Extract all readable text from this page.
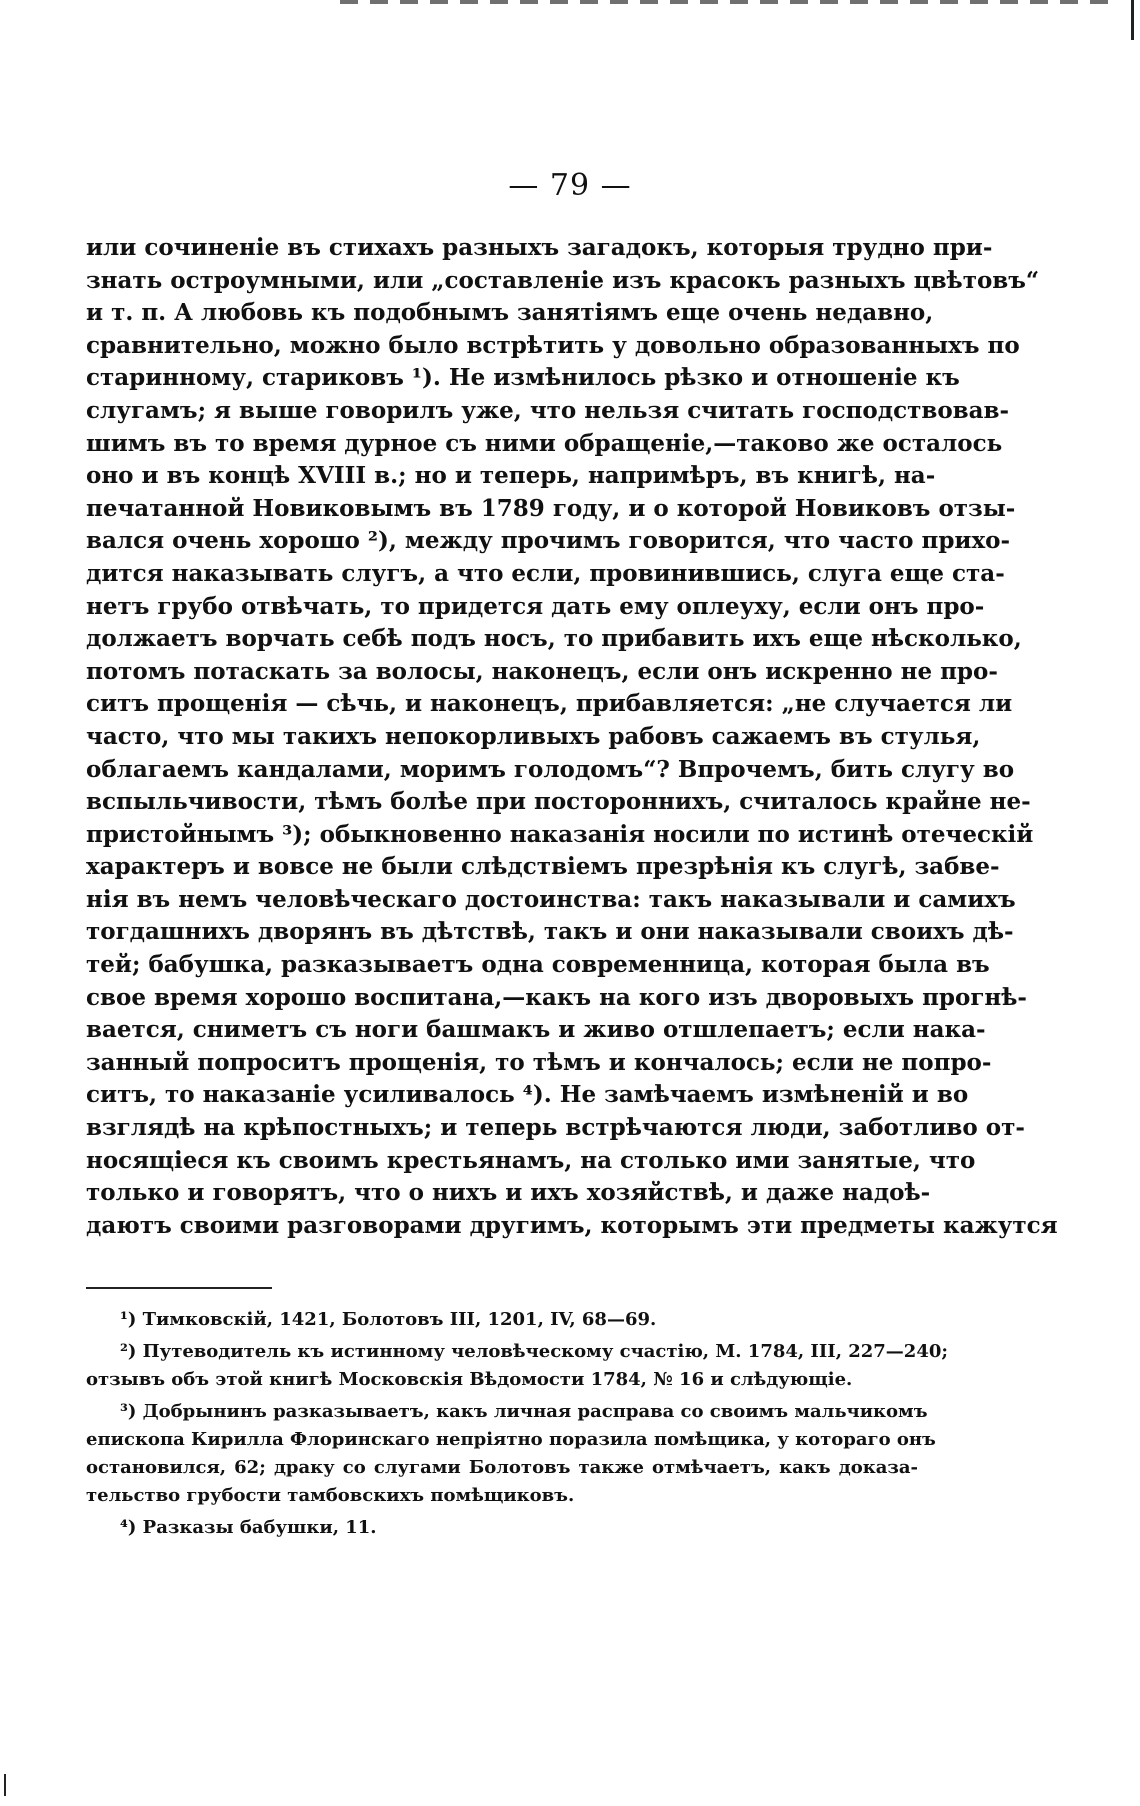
— 79 —
или сочиненіе въ стихахъ разныхъ загадокъ, которыя трудно при-
знать остроумными, или „составленіе изъ красокъ разныхъ цвѣтовъ“
и т. п. А любовь къ подобнымъ занятіямъ еще очень недавно,
сравнительно, можно было встрѣтить у довольно образованныхъ по
старинному, стариковъ ¹). Не измѣнилось рѣзко и отношеніе къ
слугамъ; я выше говорилъ уже, что нельзя считать господствовав-
шимъ въ то время дурное съ ними обращеніе,—таково же осталось
оно и въ концѣ XVIII в.; но и теперь, напримѣръ, въ книгѣ, на-
печатанной Новиковымъ въ 1789 году, и о которой Новиковъ отзы-
вался очень хорошо ²), между прочимъ говорится, что часто прихо-
дится наказывать слугъ, а что если, провинившись, слуга еще ста-
нетъ грубо отвѣчать, то придется дать ему оплеуху, если онъ про-
должаетъ ворчать себѣ подъ носъ, то прибавить ихъ еще нѣсколько,
потомъ потаскать за волосы, наконецъ, если онъ искренно не про-
ситъ прощенія — сѣчь, и наконецъ, прибавляется: „не случается ли
часто, что мы такихъ непокорливыхъ рабовъ сажаемъ въ стулья,
облагаемъ кандалами, моримъ голодомъ“? Впрочемъ, бить слугу во
вспыльчивости, тѣмъ болѣе при постороннихъ, считалось крайне не-
пристойнымъ ³); обыкновенно наказанія носили по истинѣ отеческій
характеръ и вовсе не были слѣдствіемъ презрѣнія къ слугѣ, забве-
нія въ немъ человѣческаго достоинства: такъ наказывали и самихъ
тогдашнихъ дворянъ въ дѣтствѣ, такъ и они наказывали своихъ дѣ-
тей; бабушка, разказываетъ одна современница, которая была въ
свое время хорошо воспитана,—какъ на кого изъ дворовыхъ прогнѣ-
вается, сниметъ съ ноги башмакъ и живо отшлепаетъ; если нака-
занный попроситъ прощенія, то тѣмъ и кончалось; если не попро-
ситъ, то наказаніе усиливалось ⁴). Не замѣчаемъ измѣненій и во
взглядѣ на крѣпостныхъ; и теперь встрѣчаются люди, заботливо от-
носящіеся къ своимъ крестьянамъ, на столько ими занятые, что
только и говорятъ, что о нихъ и ихъ хозяйствѣ, и даже надоѣ-
даютъ своими разговорами другимъ, которымъ эти предметы кажутся
¹) Тимковскій, 1421, Болотовъ III, 1201, IV, 68—69.
²) Путеводитель къ истинному человѣческому счастію, М. 1784, III, 227—240;
отзывъ объ этой книгѣ Московскія Вѣдомости 1784, № 16 и слѣдующіе.
³) Добрынинъ разказываетъ, какъ личная расправа со своимъ мальчикомъ
епископа Кирилла Флоринскаго непріятно поразила помѣщика, у котораго онъ
остановился, 62; драку со слугами Болотовъ также отмѣчаетъ, какъ доказа-
тельство грубости тамбовскихъ помѣщиковъ.
⁴) Разказы бабушки, 11.
